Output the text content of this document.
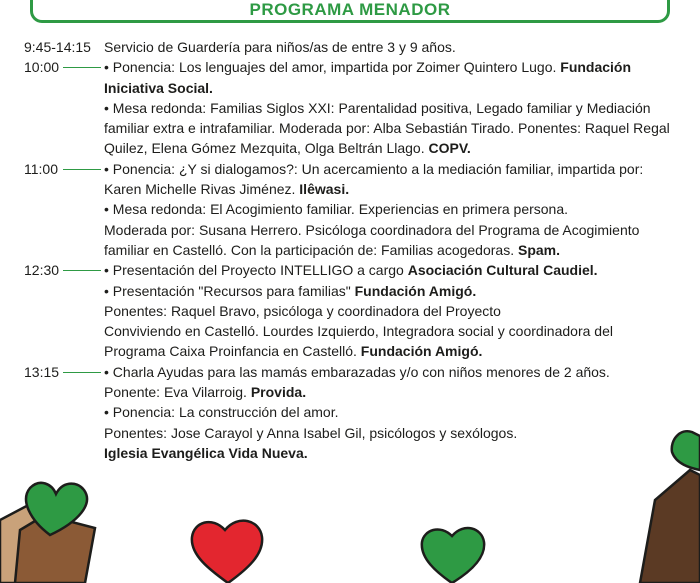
PROGRAMA MENADOR
9:45-14:15 Servicio de Guardería para niños/as de entre 3 y 9 años.
10:00	• Ponencia: Los lenguajes del amor, impartida por Zoimer Quintero Lugo. Fundación
Iniciativa Social.
• Mesa redonda: Familias Siglos XXI: Parentalidad positiva, Legado familiar y Mediación
familiar extra e intrafamiliar. Moderada por: Alba Sebastián Tirado. Ponentes: Raquel Regal
Quilez, Elena Gómez Mezquita, Olga Beltrán Llago. COPV.
11:00	• Ponencia: ¿Y si dialogamos?: Un acercamiento a la mediación familiar, impartida por:
Karen Michelle Rivas Jiménez. Ilêwasi.
• Mesa redonda: El Acogimiento familiar. Experiencias en primera persona.
Moderada por: Susana Herrero. Psicóloga coordinadora del Programa de Acogimiento
familiar en Castelló. Con la participación de: Familias acogedoras. Spam.
12:30	• Presentación del Proyecto INTELLIGO a cargo Asociación Cultural Caudiel.
• Presentación "Recursos para familias" Fundación Amigó.
Ponentes: Raquel Bravo, psicóloga y coordinadora del Proyecto
Conviviendo en Castelló. Lourdes Izquierdo, Integradora social y coordinadora del
Programa Caixa Proinfancia en Castelló. Fundación Amigó.
13:15	• Charla Ayudas para las mamás embarazadas y/o con niños menores de 2 años.
Ponente: Eva Vilarroig. Provida.
• Ponencia: La construcción del amor.
Ponentes: Jose Carayol y Anna Isabel Gil, psicólogos y sexólogos.
Iglesia Evangélica Vida Nueva.
